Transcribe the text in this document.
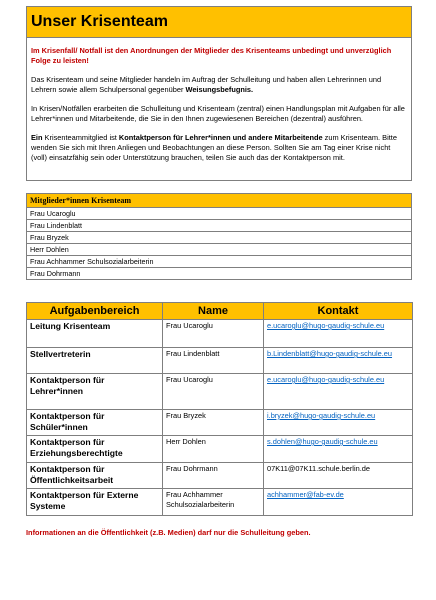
Unser Krisenteam

Im Krisenfall/ Notfall ist den Anordnungen der Mitglieder des Krisenteams unbedingt und unverzüglich Folge zu leisten!

Das Krisenteam und seine Mitglieder handeln im Auftrag der Schulleitung und haben allen Lehrerinnen und Lehrern sowie allem Schulpersonal gegenüber Weisungsbefugnis.

In Krisen/Notfällen erarbeiten die Schulleitung und Krisenteam (zentral) einen Handlungsplan mit Aufgaben für alle Lehrer*innen und Mitarbeitende, die Sie in den Ihnen zugewiesenen Bereichen (dezentral) ausführen.

Ein Krisenteammitglied ist Kontaktperson für Lehrer*innen und andere Mitarbeitende zum Krisenteam. Bitte wenden Sie sich mit Ihren Anliegen und Beobachtungen an diese Person. Sollten Sie am Tag einer Krise nicht (voll) einsatzfähig sein oder Unterstützung brauchen, teilen Sie auch das der Kontaktperson mit.

Mitglieder*innen Krisenteam
Frau Ucaroglu
Frau Lindenblatt
Frau Bryzek
Herr Dohlen
Frau Achhammer Schulsozialarbeiterin
Frau Dohrmann
Aufgabenbereich	Name	Kontakt
Leitung Krisenteam	Frau Ucaroglu	e.ucaroglu@hugo-gaudig-schule.eu
Stellvertreterin	Frau Lindenblatt	b.Lindenblatt@hugo-gaudig-schule.eu
Kontaktperson für Lehrer*innen	Frau Ucaroglu	e.ucaroglu@hugo-gaudig-schule.eu
Kontaktperson für Schüler*innen	Frau Bryzek	i.bryzek@hugo-gaudig-schule.eu
Kontaktperson für Erziehungsberechtigte	Herr Dohlen	s.dohlen@hugo-gaudig-schule.eu
Kontaktperson für Öffentlichkeitsarbeit	Frau Dohrmann	07K11@07K11.schule.berlin.de
Kontaktperson für Externe Systeme	Frau Achhammer Schulsozialarbeiterin	achhammer@fab-ev.de
Informationen an die Öffentlichkeit (z.B. Medien) darf nur die Schulleitung geben.
